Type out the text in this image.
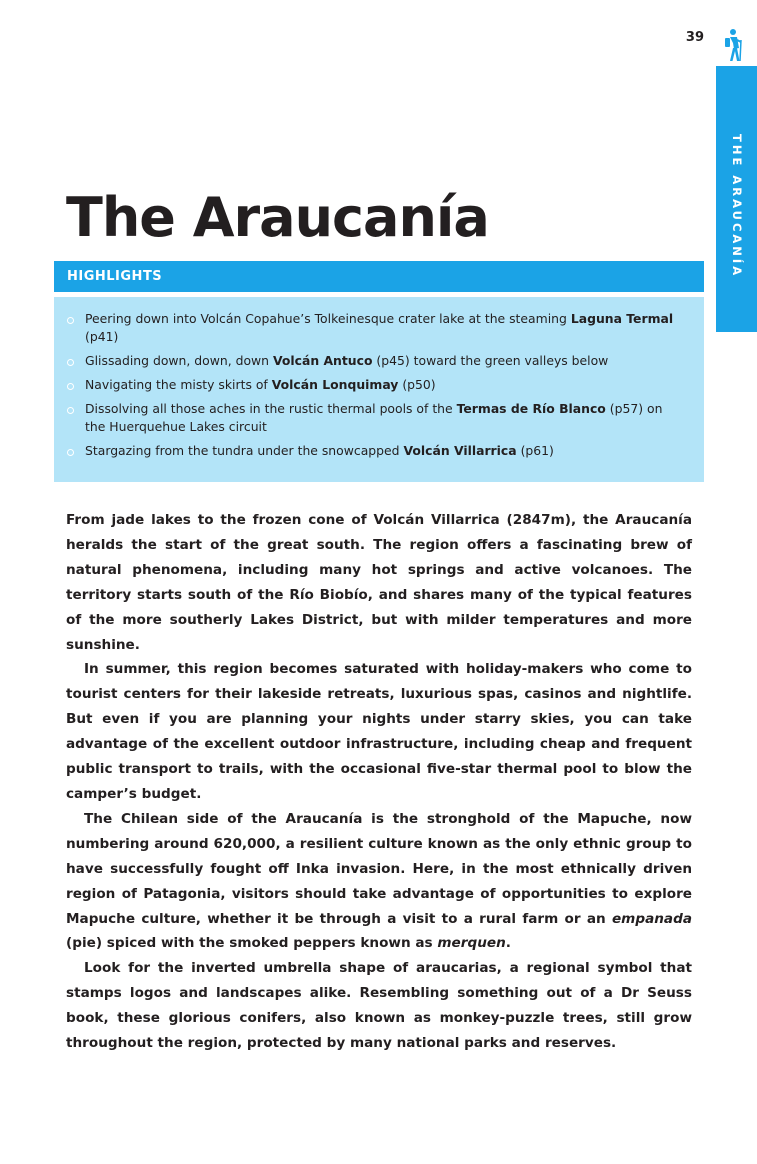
39
THE ARAUCANÍA
The Araucanía
HIGHLIGHTS
Peering down into Volcán Copahue’s Tolkeinesque crater lake at the steaming Laguna Termal (p41)
Glissading down, down, down Volcán Antuco (p45) toward the green valleys below
Navigating the misty skirts of Volcán Lonquimay (p50)
Dissolving all those aches in the rustic thermal pools of the Termas de Río Blanco (p57) on the Huerquehue Lakes circuit
Stargazing from the tundra under the snowcapped Volcán Villarrica (p61)

From jade lakes to the frozen cone of Volcán Villarrica (2847m), the Araucanía heralds the start of the great south. The region offers a fascinating brew of natural phenomena, including many hot springs and active volcanoes. The territory starts south of the Río Biobío, and shares many of the typical features of the more southerly Lakes District, but with milder temperatures and more sunshine.

In summer, this region becomes saturated with holiday-makers who come to tourist centers for their lakeside retreats, luxurious spas, casinos and nightlife. But even if you are planning your nights under starry skies, you can take advantage of the excellent outdoor infrastructure, including cheap and frequent public transport to trails, with the occasional five-star thermal pool to blow the camper’s budget.

The Chilean side of the Araucanía is the stronghold of the Mapuche, now numbering around 620,000, a resilient culture known as the only ethnic group to have successfully fought off Inka invasion. Here, in the most ethnically driven region of Patagonia, visitors should take advantage of opportunities to explore Mapuche culture, whether it be through a visit to a rural farm or an empanada (pie) spiced with the smoked peppers known as merquen.

Look for the inverted umbrella shape of araucarias, a regional symbol that stamps logos and landscapes alike. Resembling something out of a Dr Seuss book, these glorious conifers, also known as monkey-puzzle trees, still grow throughout the region, protected by many national parks and reserves.
